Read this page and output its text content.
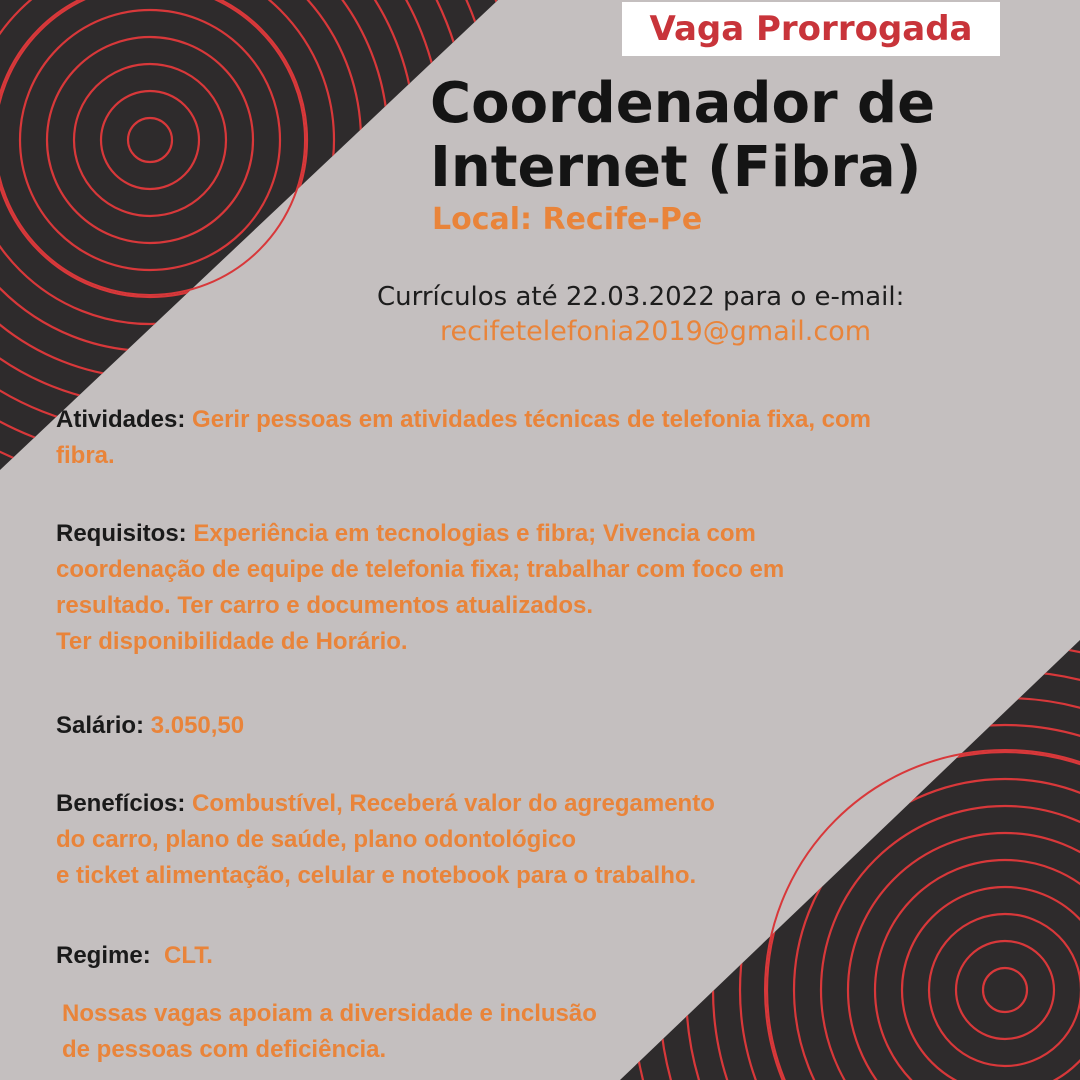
Vaga Prorrogada
Coordenador de
Internet (Fibra)
Local: Recife-Pe
Currículos até 22.03.2022 para o e-mail:
recifetelefonia2019@gmail.com
Atividades: Gerir pessoas em atividades técnicas de telefonia fixa, com
fibra.
Requisitos: Experiência em tecnologias e fibra; Vivencia com
coordenação de equipe de telefonia fixa; trabalhar com foco em
resultado. Ter carro e documentos atualizados.
Ter disponibilidade de Horário.
Salário: 3.050,50
Benefícios: Combustível, Receberá valor do agregamento
do carro, plano de saúde, plano odontológico
e ticket alimentação, celular e notebook para o trabalho.
Regime: CLT.
Nossas vagas apoiam a diversidade e inclusão
de pessoas com deficiência.
